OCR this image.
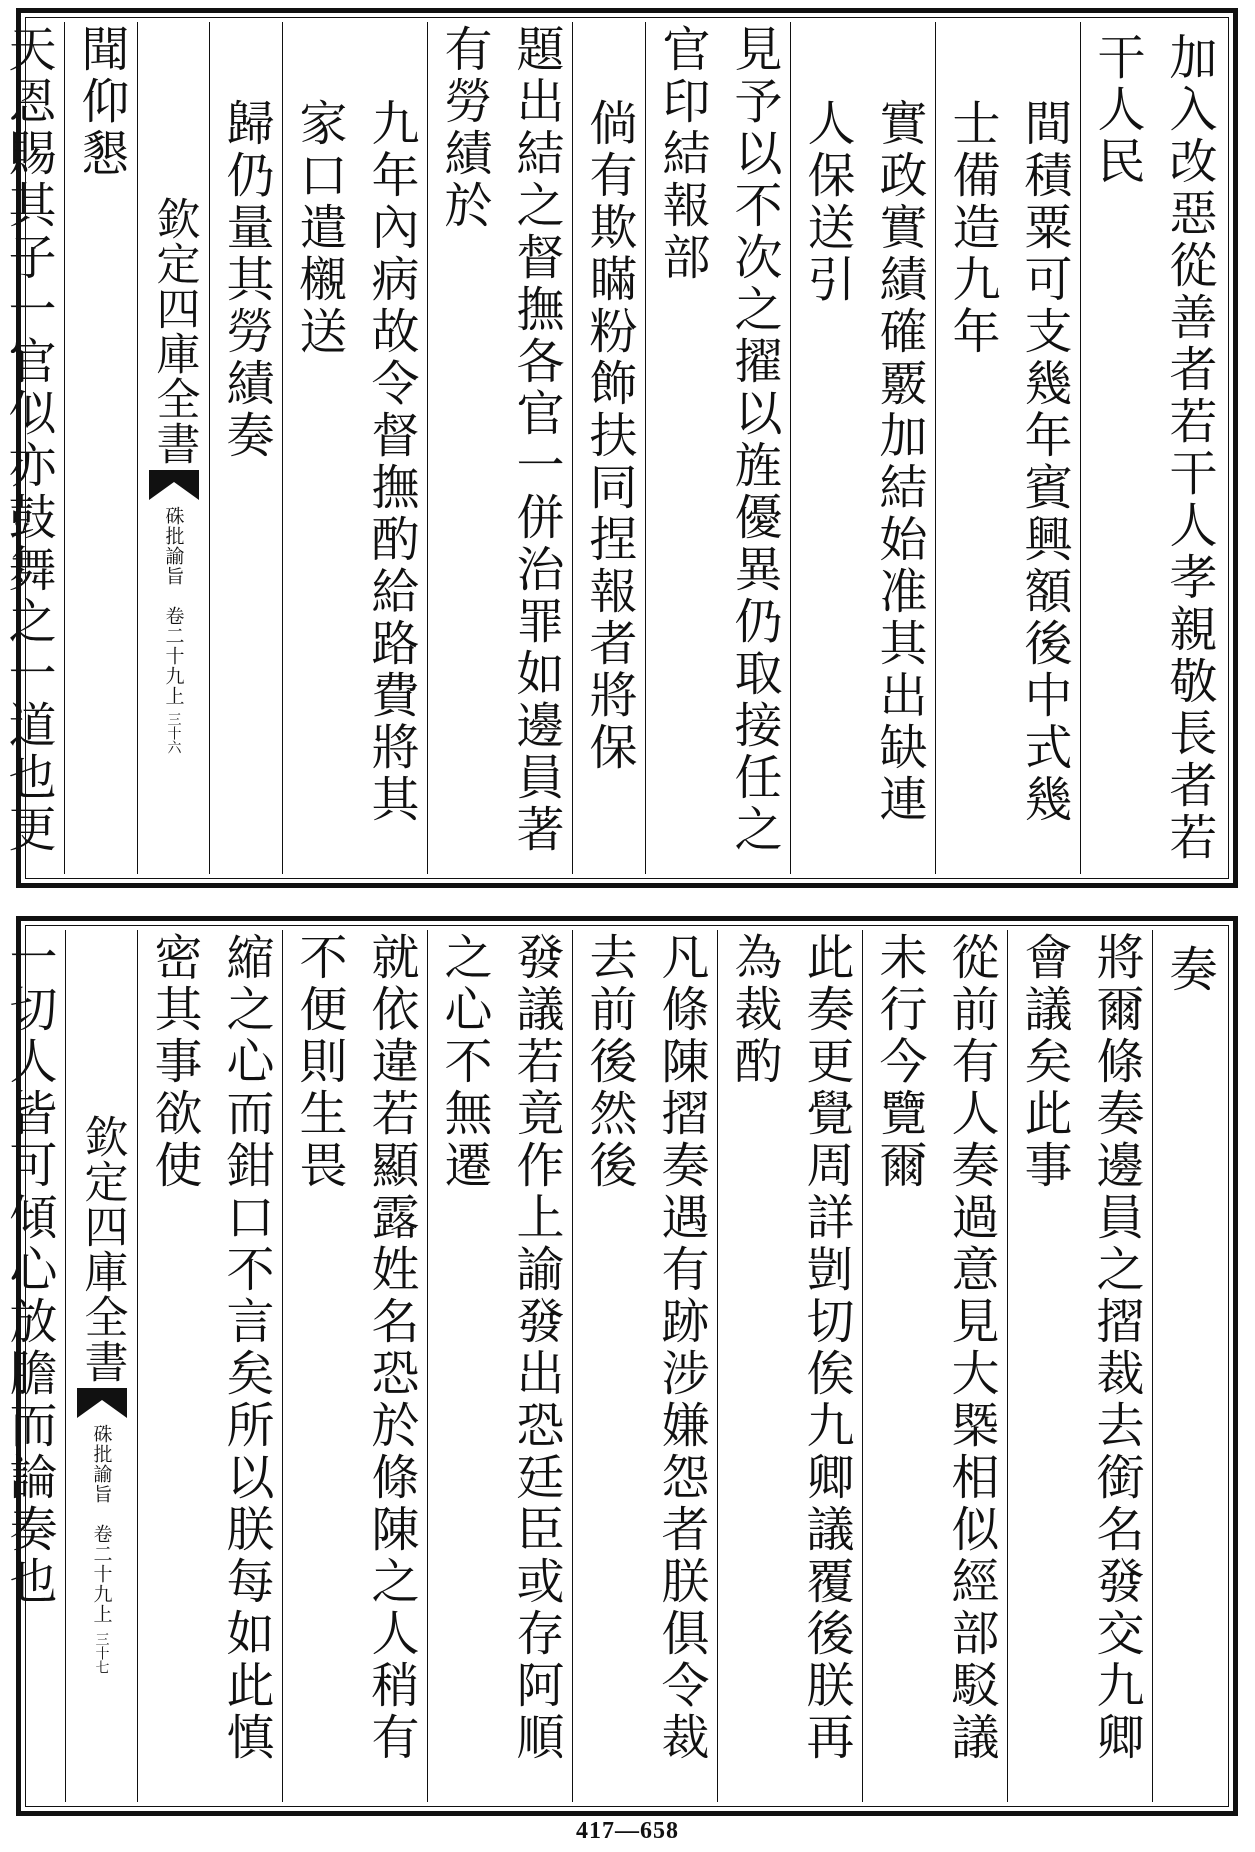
加入改惡從善者若干人孝親敬長者若干人民
間積粟可支幾年賓興額後中式幾士備造九年
實政實績確覈加結始准其出缺連人保送引
見予以不次之擢以旌優異仍取接任之官印結報部
倘有欺瞞粉飾扶同捏報者將保
題出結之督撫各官一併治罪如邊員著有勞績於
九年內病故令督撫酌給路費將其家口遣櫬送
歸仍量其勞績奏
欽定四庫全書
硃批諭旨　卷二十九上
三十六
聞仰懇
天恩賜其子一官似亦鼓舞之一道也更
奏
將爾條奏邊員之摺裁去銜名發交九卿會議矣此事
從前有人奏過意見大槩相似經部駁議未行今覽爾
此奏更覺周詳剴切俟九卿議覆後朕再為裁酌
凡條陳摺奏遇有跡涉嫌怨者朕俱令裁去前後然後
發議若竟作上諭發出恐廷臣或存阿順之心不無遷
就依違若顯露姓名恐於條陳之人稍有不便則生畏
縮之心而鉗口不言矣所以朕每如此慎密其事欲使
欽定四庫全書
硃批諭旨　卷二十九上
三十七
一切人皆可傾心放膽而論奏也
417—658
